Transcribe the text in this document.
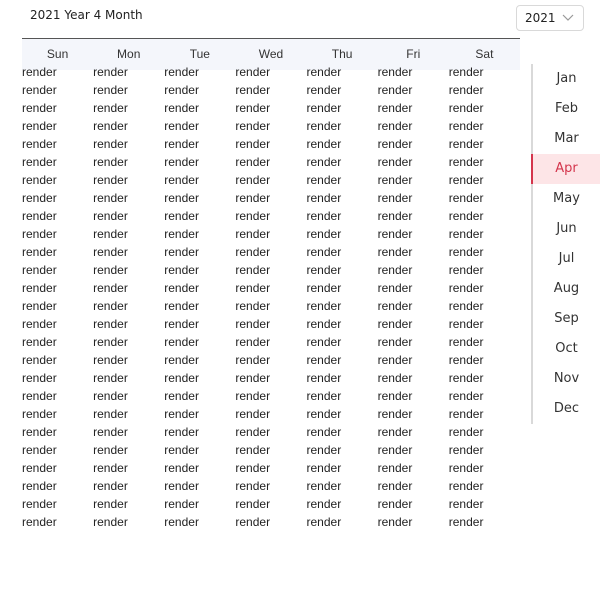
2021 Year 4 Month	2021
Sun	Mon	Tue	Wed	Thu	Fri	Sat
render	render	render	render	render	render	render
render	render	render	render	render	render	render
render	render	render	render	render	render	render
render	render	render	render	render	render	render
render	render	render	render	render	render	render
render	render	render	render	render	render	render
render	render	render	render	render	render	render
render	render	render	render	render	render	render
render	render	render	render	render	render	render
render	render	render	render	render	render	render
render	render	render	render	render	render	render
render	render	render	render	render	render	render
render	render	render	render	render	render	render
render	render	render	render	render	render	render
render	render	render	render	render	render	render
render	render	render	render	render	render	render
render	render	render	render	render	render	render
render	render	render	render	render	render	render
render	render	render	render	render	render	render
render	render	render	render	render	render	render
render	render	render	render	render	render	render
render	render	render	render	render	render	render
render	render	render	render	render	render	render
render	render	render	render	render	render	render
render	render	render	render	render	render	render
render	render	render	render	render	render	render
Jan
Feb
Mar
Apr
May
Jun
Jul
Aug
Sep
Oct
Nov
Dec
